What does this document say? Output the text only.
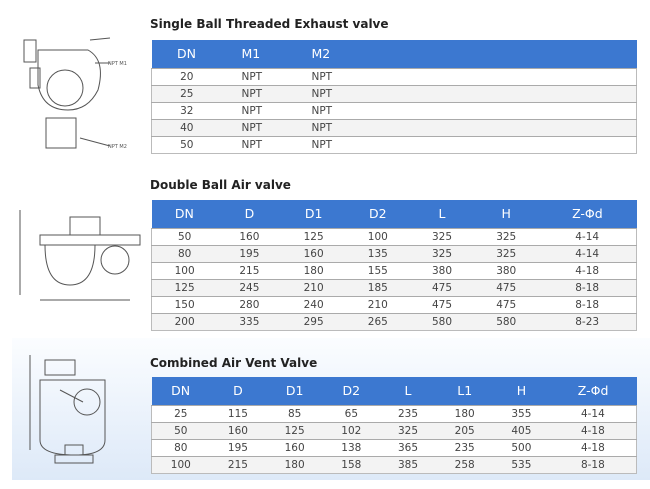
NPT M1
NPT M2
Single Ball Threaded Exhaust valve
DN	M1	M2
20	NPT	NPT
25	NPT	NPT
32	NPT	NPT
40	NPT	NPT
50	NPT	NPT
Double Ball Air valve
DN	D	D1	D2	L	H	Z-Φd
50	160	125	100	325	325	4-14
80	195	160	135	325	325	4-14
100	215	180	155	380	380	4-18
125	245	210	185	475	475	8-18
150	280	240	210	475	475	8-18
200	335	295	265	580	580	8-23
Combined Air Vent Valve
DN	D	D1	D2	L	L1	H	Z-Φd
25	115	85	65	235	180	355	4-14
50	160	125	102	325	205	405	4-18
80	195	160	138	365	235	500	4-18
100	215	180	158	385	258	535	8-18
